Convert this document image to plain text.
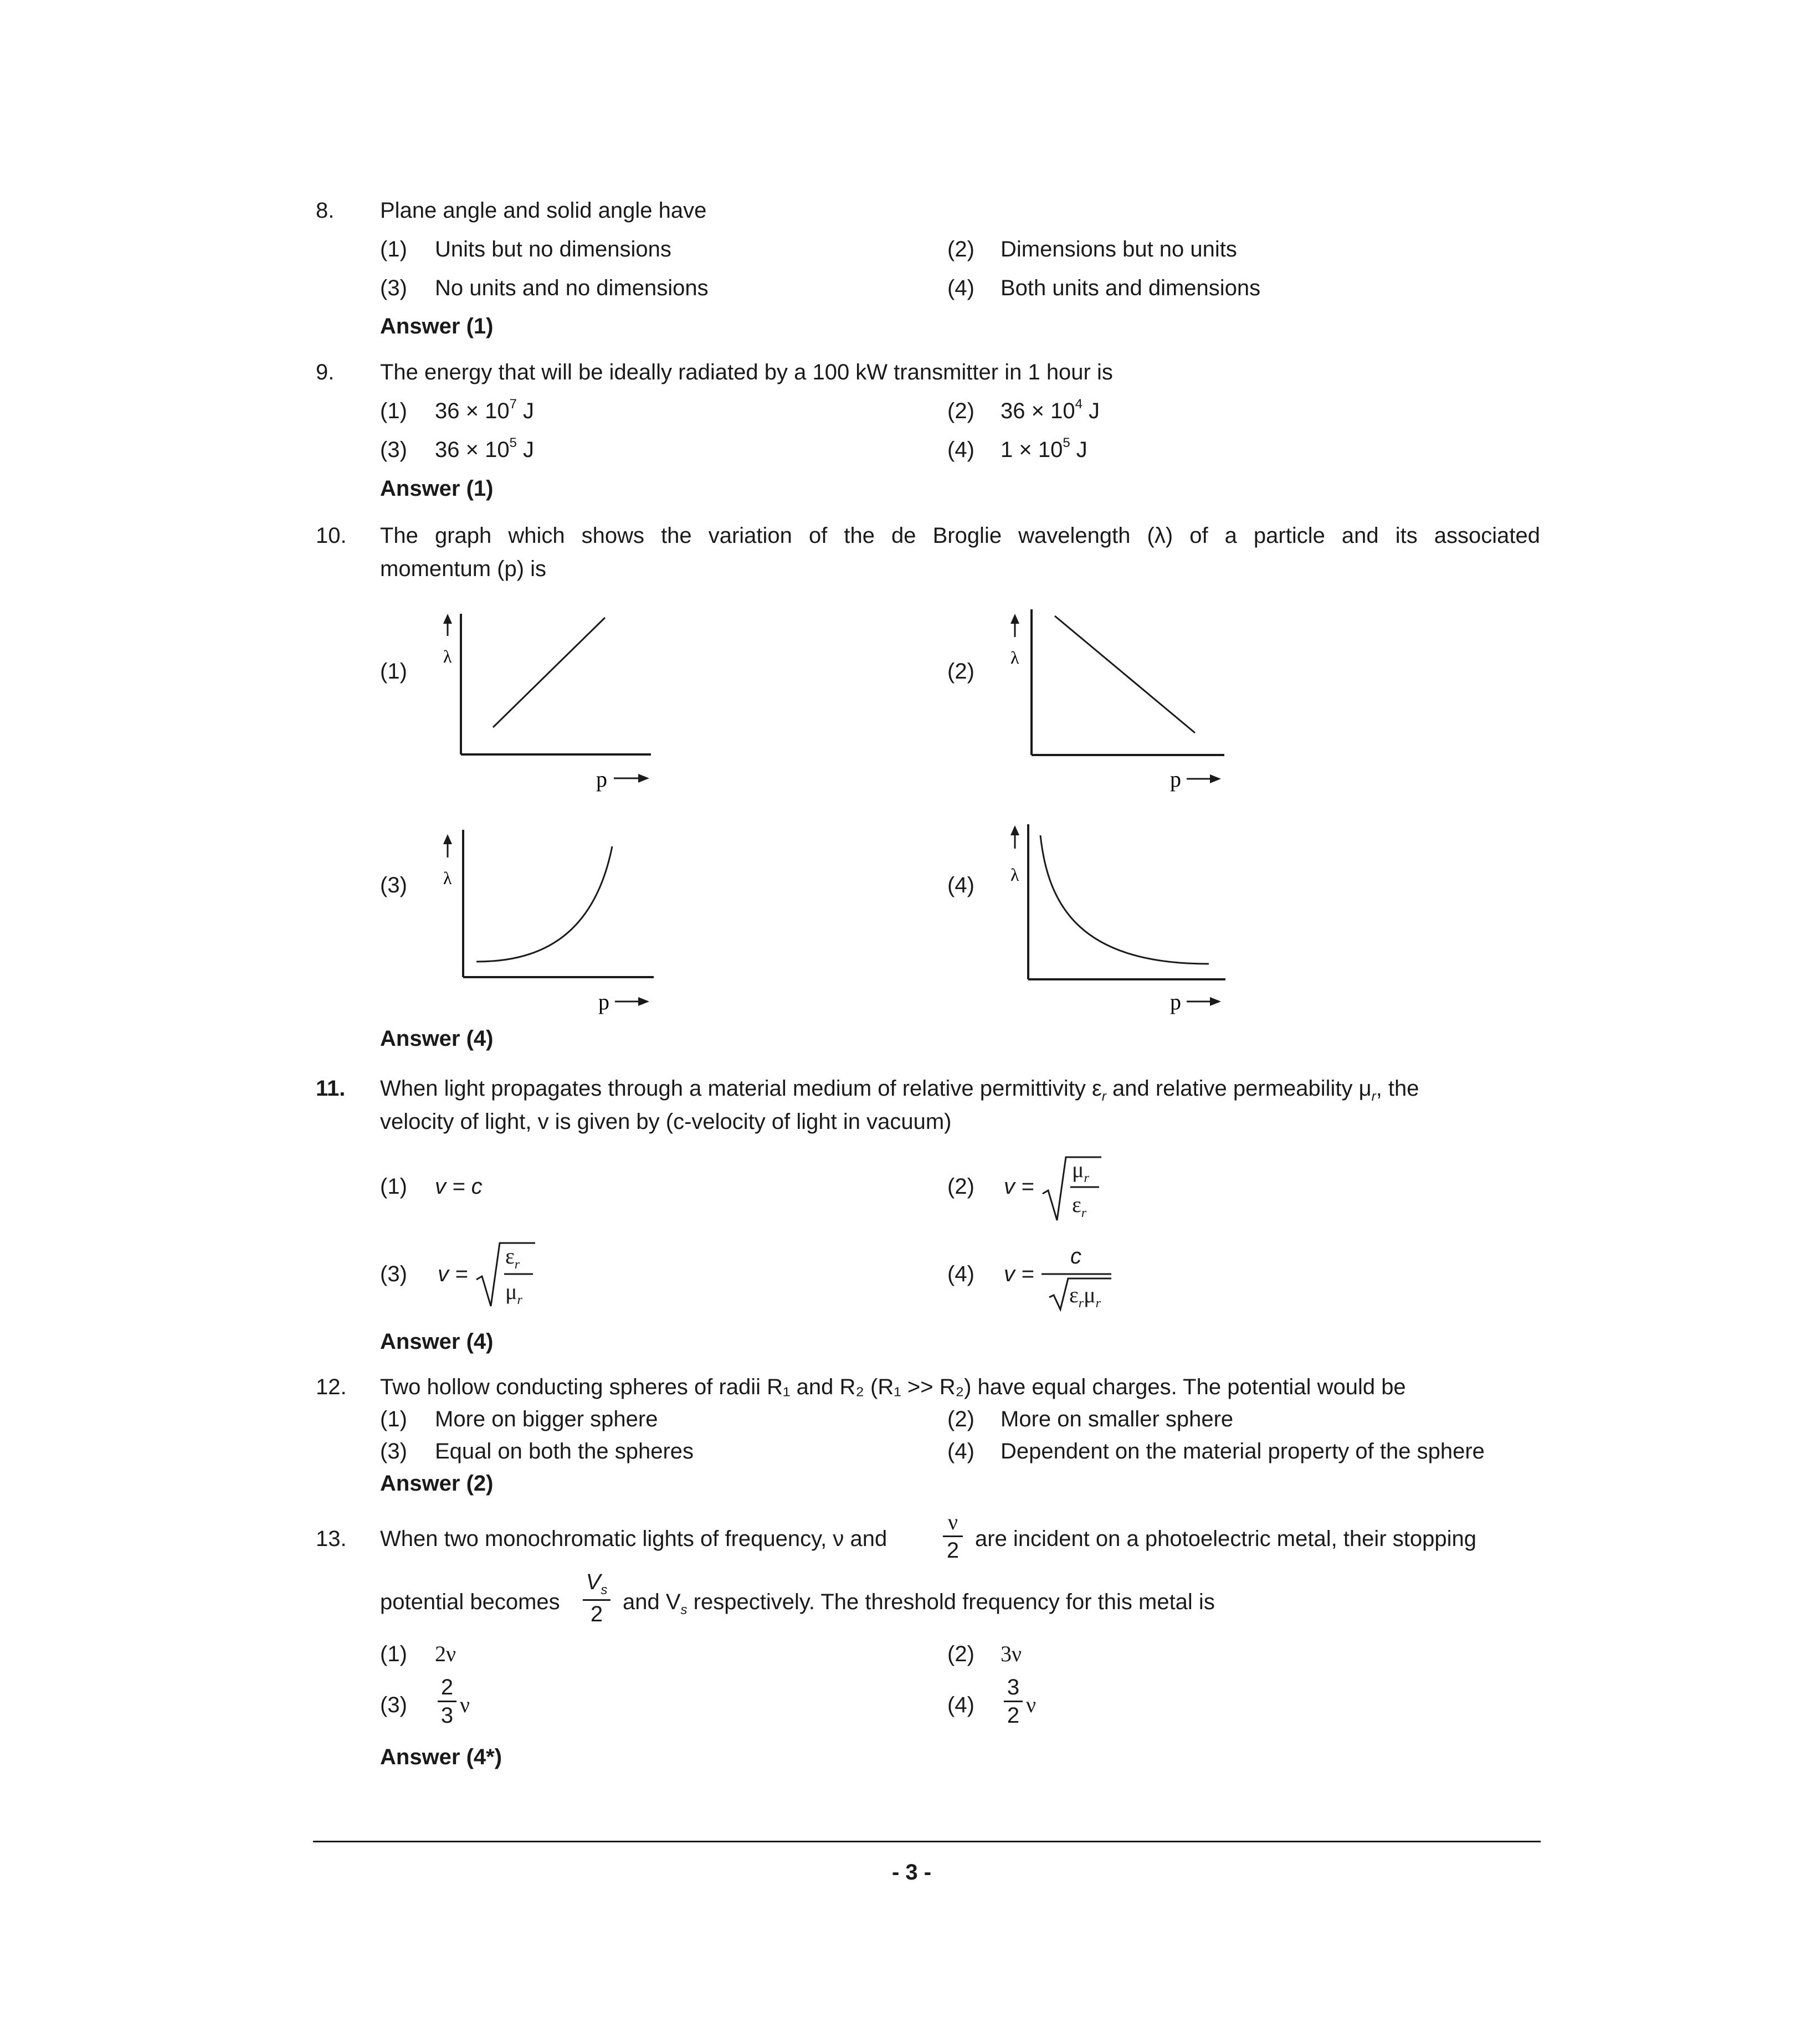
8. Plane angle and solid angle have
(1) Units but no dimensions	(2) Dimensions but no units
(3) No units and no dimensions	(4) Both units and dimensions
Answer (1)
9. The energy that will be ideally radiated by a 100 kW transmitter in 1 hour is
(1) $36 \times 10^7$ J	(2) $36 \times 10^4$ J
(3) $36 \times 10^5$ J	(4) $1 \times 10^5$ J
Answer (1)
10. The graph which shows the variation of the de Broglie wavelength (λ) of a particle and its associated
momentum (p) is
(1)	(2)
(3)	(4)
λ
p
λ
p
λ
p
λ
p
Answer (4)
11. When light propagates through a material medium of relative permittivity $\varepsilon_r$ and relative permeability $\mu_r$, the
velocity of light, v is given by (c-velocity of light in vacuum)
(1) v = c	(2) v =
$\mu_r$
$\varepsilon_r$
(3) v =
$\varepsilon_r$
$\mu_r$
(4) v =
c
$\varepsilon_r\mu_r$
Answer (4)
12. Two hollow conducting spheres of radii R₁ and R₂ (R₁ >> R₂) have equal charges. The potential would be
(1) More on bigger sphere	(2) More on smaller sphere
(3) Equal on both the spheres	(4) Dependent on the material property of the sphere
Answer (2)
13. When two monochromatic lights of frequency, ν and
ν
2 are incident on a photoelectric metal, their stopping
potential becomes
$V_s$
2 and $V_s$ respectively. The threshold frequency for this metal is
(1) 2ν	(2) 3ν
(3)
2
3 ν	(4)
3
2 ν
Answer (4*)
- 3 -
